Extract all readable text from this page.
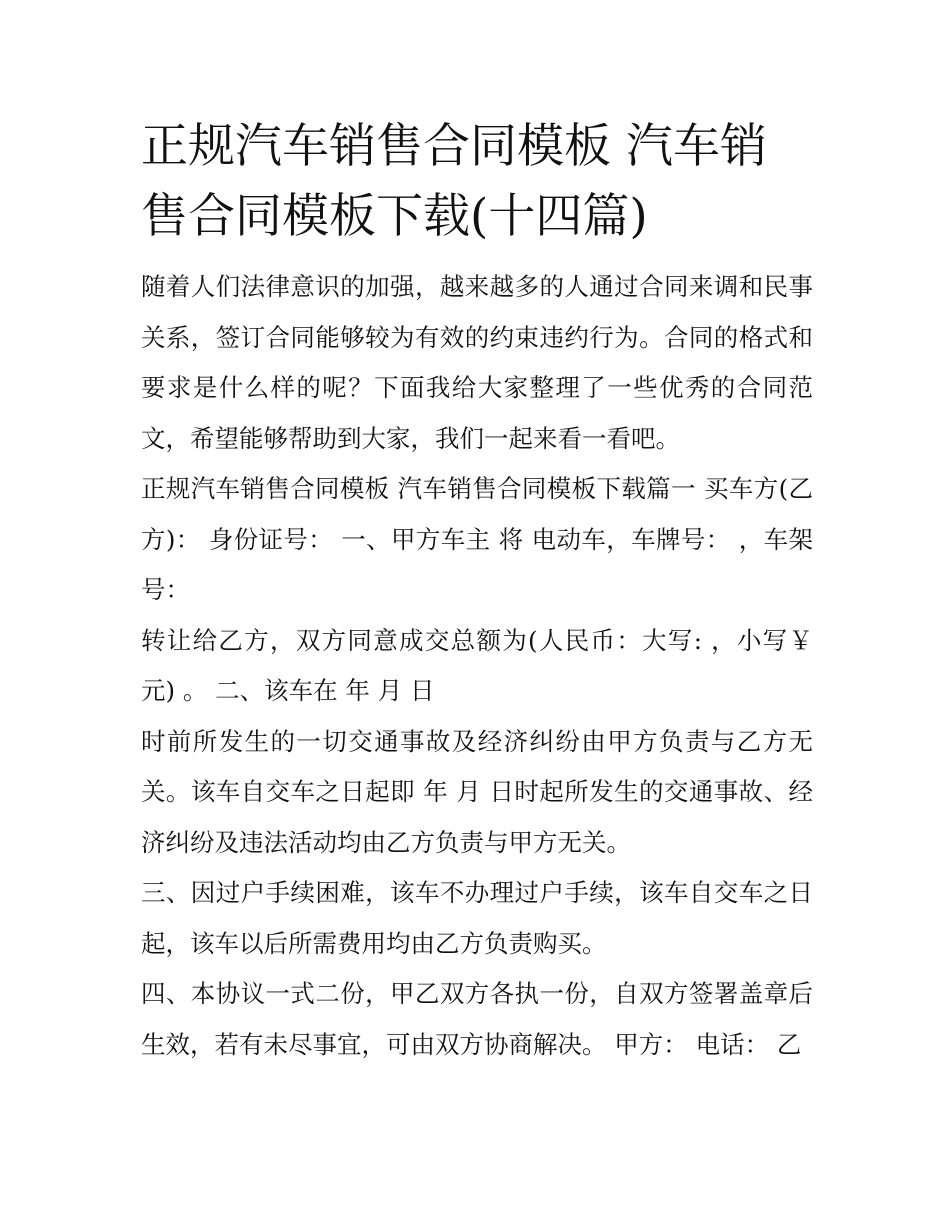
正规汽车销售合同模板 汽车销售合同模板下载(十四篇)

随着人们法律意识的加强，越来越多的人通过合同来调和民事关系，签订合同能够较为有效的约束违约行为。合同的格式和要求是什么样的呢？下面我给大家整理了一些优秀的合同范文，希望能够帮助到大家，我们一起来看一看吧。

正规汽车销售合同模板 汽车销售合同模板下载篇一 买车方(乙方)： 身份证号： 一、甲方车主 将 电动车，车牌号： ，车架号：

转让给乙方，双方同意成交总额为(人民币：大写: ，小写￥ 元) 。 二、该车在 年 月 日

时前所发生的一切交通事故及经济纠纷由甲方负责与乙方无关。该车自交车之日起即 年 月 日时起所发生的交通事故、经济纠纷及违法活动均由乙方负责与甲方无关。

三、因过户手续困难，该车不办理过户手续，该车自交车之日起，该车以后所需费用均由乙方负责购买。

四、本协议一式二份，甲乙双方各执一份，自双方签署盖章后生效，若有未尽事宜，可由双方协商解决。 甲方： 电话： 乙
